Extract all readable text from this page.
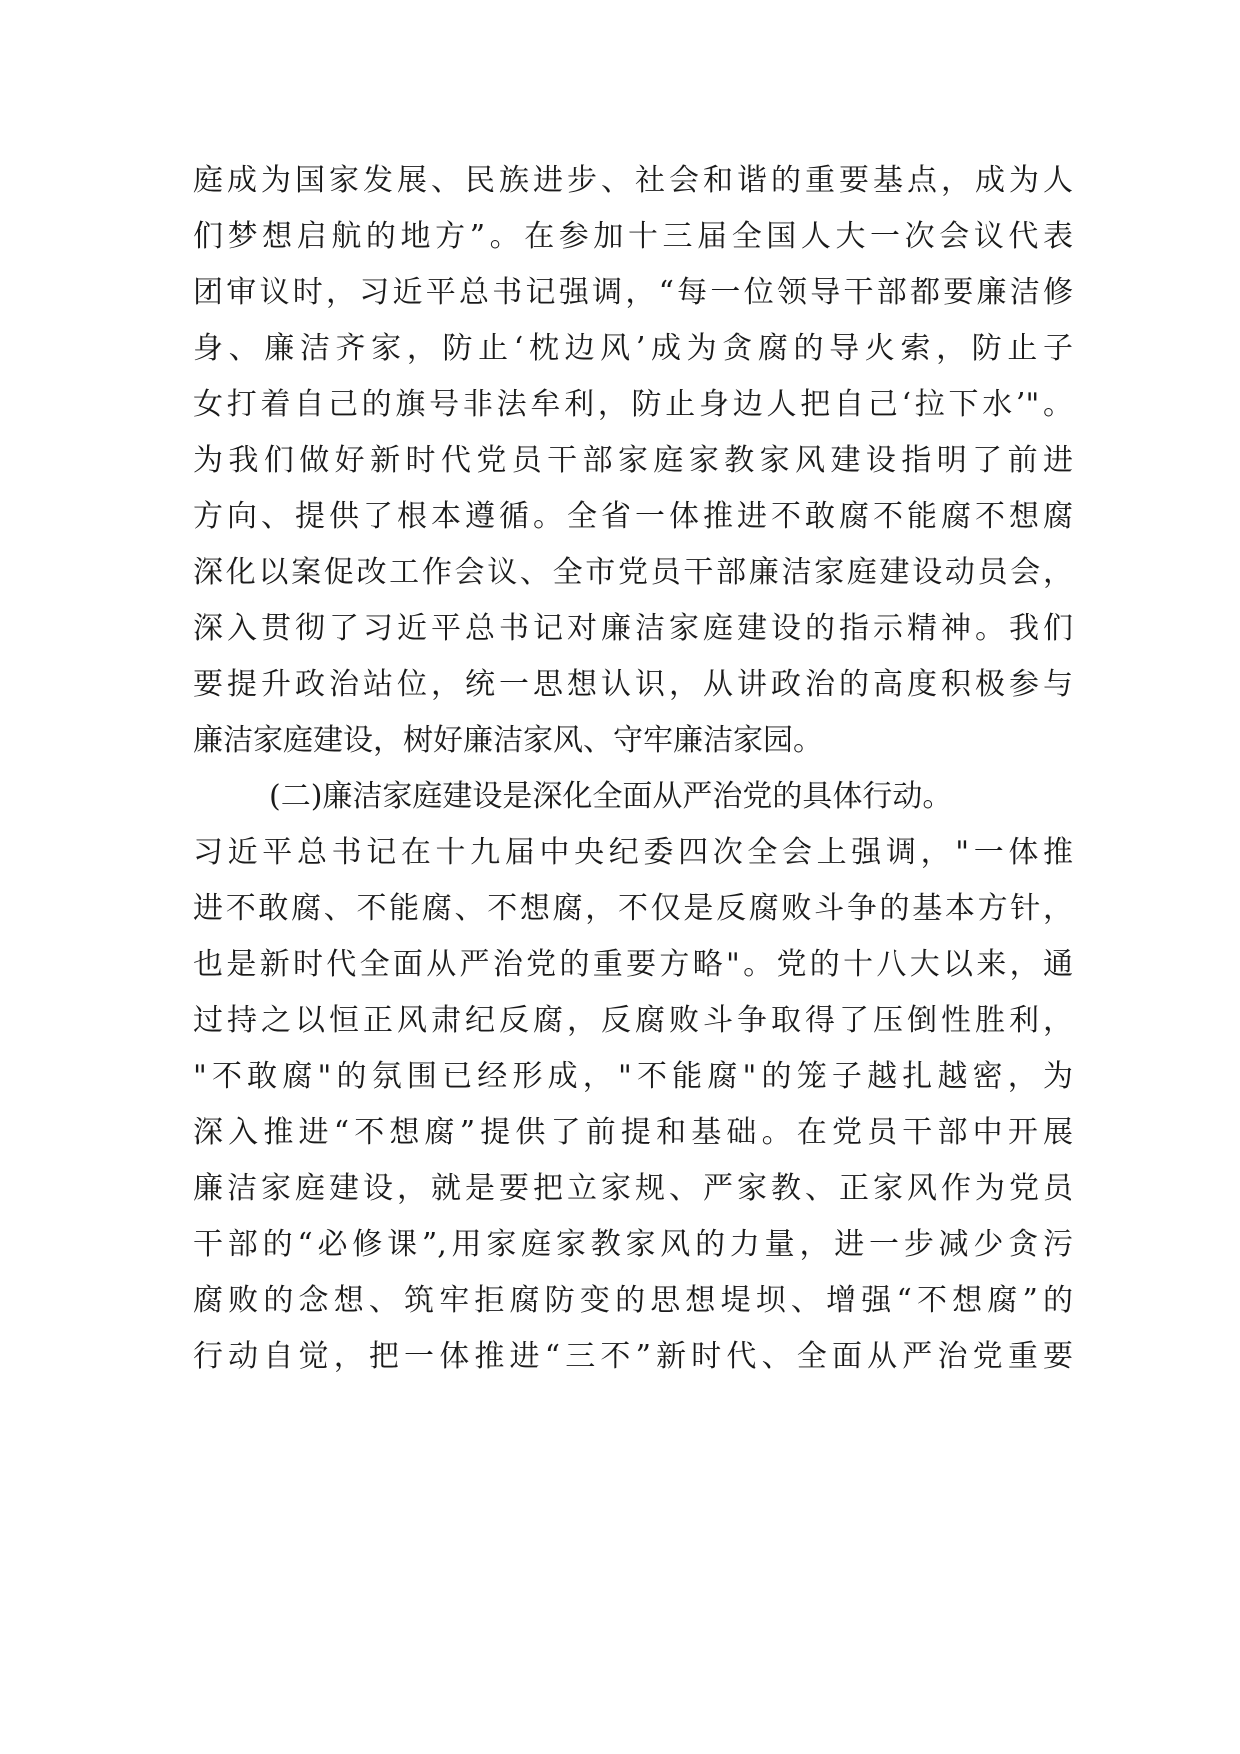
庭成为国家发展、民族进步、社会和谐的重要基点，成为人
们梦想启航的地方”。在参加十三届全国人大一次会议代表
团审议时，习近平总书记强调，“每一位领导干部都要廉洁修
身、廉洁齐家，防止‘枕边风’成为贪腐的导火索，防止子
女打着自己的旗号非法牟利，防止身边人把自己‘拉下水’"。
为我们做好新时代党员干部家庭家教家风建设指明了前进
方向、提供了根本遵循。全省一体推进不敢腐不能腐不想腐
深化以案促改工作会议、全市党员干部廉洁家庭建设动员会，
深入贯彻了习近平总书记对廉洁家庭建设的指示精神。我们
要提升政治站位，统一思想认识，从讲政治的高度积极参与
廉洁家庭建设，树好廉洁家风、守牢廉洁家园。
(二)廉洁家庭建设是深化全面从严治党的具体行动。
习近平总书记在十九届中央纪委四次全会上强调，"一体推
进不敢腐、不能腐、不想腐，不仅是反腐败斗争的基本方针，
也是新时代全面从严治党的重要方略"。党的十八大以来，通
过持之以恒正风肃纪反腐，反腐败斗争取得了压倒性胜利，
"不敢腐"的氛围已经形成，"不能腐"的笼子越扎越密，为
深入推进“不想腐”提供了前提和基础。在党员干部中开展
廉洁家庭建设，就是要把立家规、严家教、正家风作为党员
干部的“必修课”,用家庭家教家风的力量，进一步减少贪污
腐败的念想、筑牢拒腐防变的思想堤坝、增强“不想腐”的
行动自觉，把一体推进“三不”新时代、全面从严治党重要
